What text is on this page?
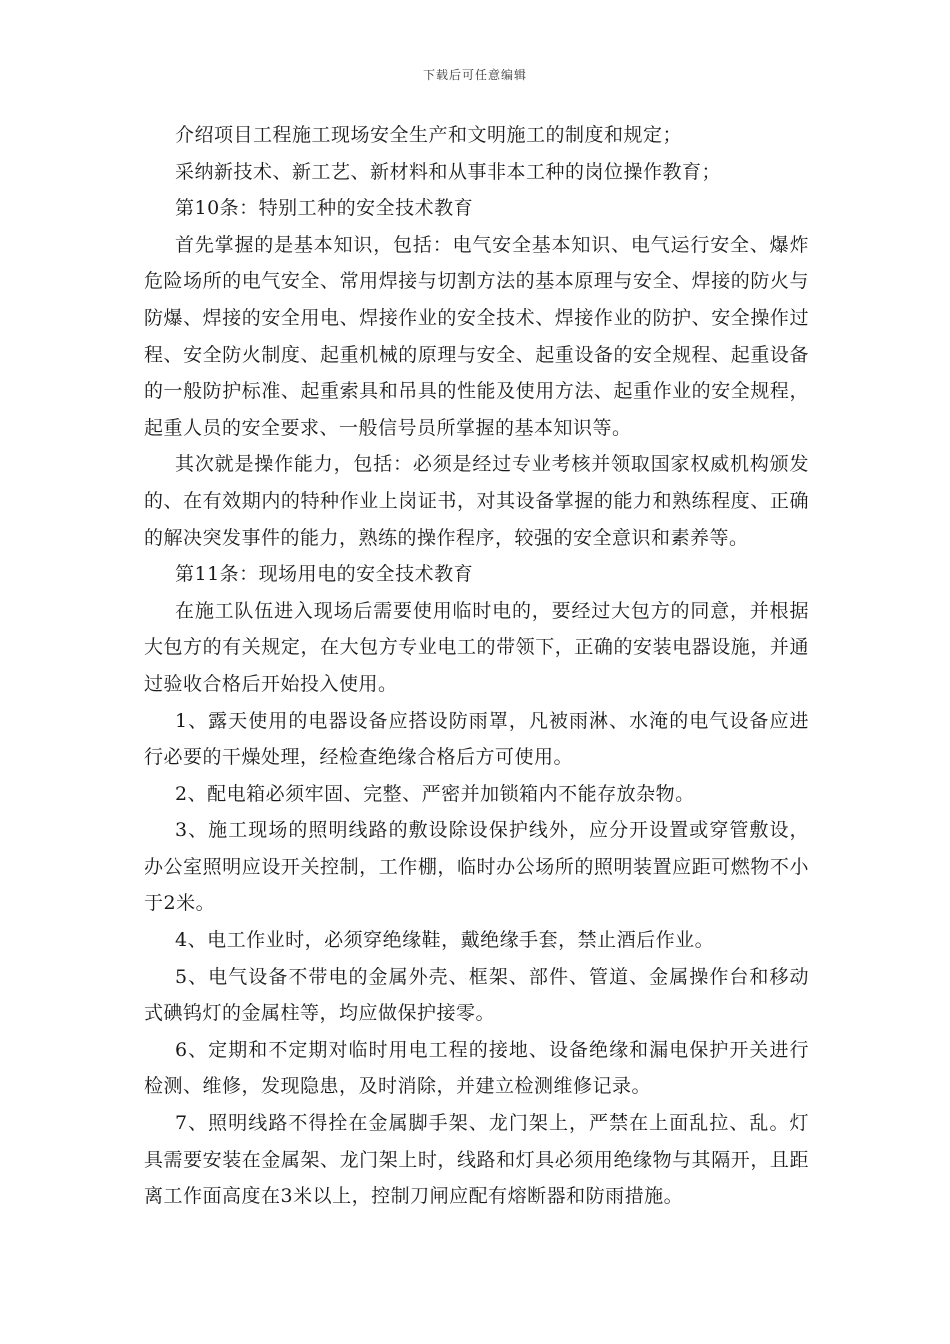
下载后可任意编辑

介绍项目工程施工现场安全生产和文明施工的制度和规定；

采纳新技术、新工艺、新材料和从事非本工种的岗位操作教育；

第10条：特别工种的安全技术教育

首先掌握的是基本知识，包括：电气安全基本知识、电气运行安全、爆炸危险场所的电气安全、常用焊接与切割方法的基本原理与安全、焊接的防火与防爆、焊接的安全用电、焊接作业的安全技术、焊接作业的防护、安全操作过程、安全防火制度、起重机械的原理与安全、起重设备的安全规程、起重设备的一般防护标准、起重索具和吊具的性能及使用方法、起重作业的安全规程，起重人员的安全要求、一般信号员所掌握的基本知识等。

其次就是操作能力，包括：必须是经过专业考核并领取国家权威机构颁发的、在有效期内的特种作业上岗证书，对其设备掌握的能力和熟练程度、正确的解决突发事件的能力，熟练的操作程序，较强的安全意识和素养等。

第11条：现场用电的安全技术教育

在施工队伍进入现场后需要使用临时电的，要经过大包方的同意，并根据大包方的有关规定，在大包方专业电工的带领下，正确的安装电器设施，并通过验收合格后开始投入使用。

1、露天使用的电器设备应搭设防雨罩，凡被雨淋、水淹的电气设备应进行必要的干燥处理，经检查绝缘合格后方可使用。

2、配电箱必须牢固、完整、严密并加锁箱内不能存放杂物。

3、施工现场的照明线路的敷设除设保护线外，应分开设置或穿管敷设，办公室照明应设开关控制，工作棚，临时办公场所的照明装置应距可燃物不小于2米。

4、电工作业时，必须穿绝缘鞋，戴绝缘手套，禁止酒后作业。

5、电气设备不带电的金属外壳、框架、部件、管道、金属操作台和移动式碘钨灯的金属柱等，均应做保护接零。

6、定期和不定期对临时用电工程的接地、设备绝缘和漏电保护开关进行检测、维修，发现隐患，及时消除，并建立检测维修记录。

7、照明线路不得拴在金属脚手架、龙门架上，严禁在上面乱拉、乱。灯具需要安装在金属架、龙门架上时，线路和灯具必须用绝缘物与其隔开，且距离工作面高度在3米以上，控制刀闸应配有熔断器和防雨措施。
